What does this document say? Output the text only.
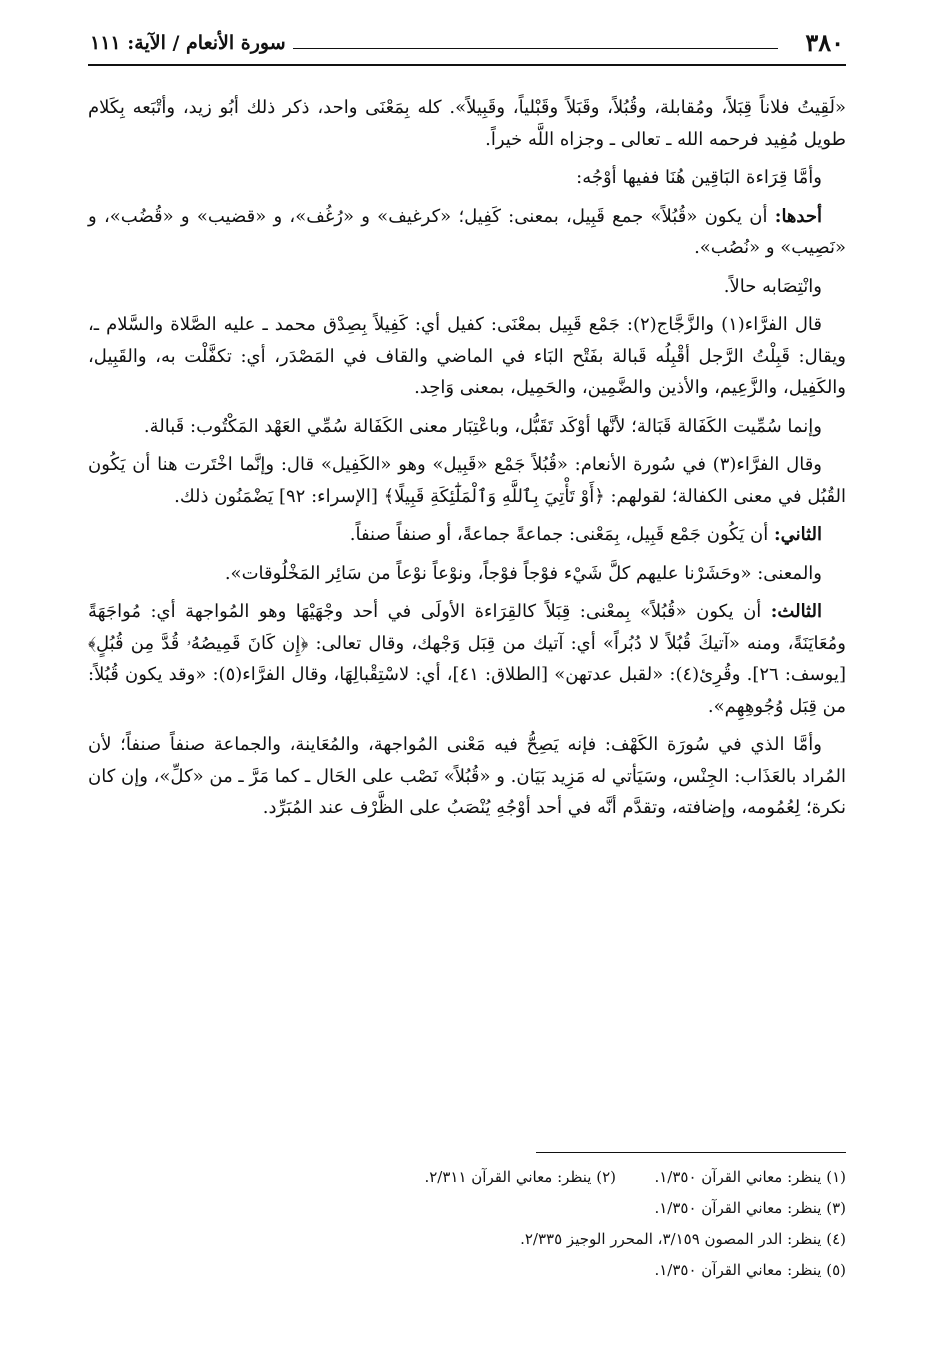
٣٨٠
سورة الأنعام / الآية: ١١١

«لَقِيتُ فلاناً قِبَلاً، ومُقابلة، وقُبُلاً، وقَبَلاً وقَبْلياً، وقَبِيلاً». كله بِمَعْنَى واحد، ذكر ذلك أبُو زيد، وأتْبَعه بِكَلام طويل مُفِيد فرحمه الله ـ تعالى ـ وجزاه اللَّه خيراً.

وأمَّا قِرَاءة البَاقِين هُنَا ففيها أوْجُه:

أحدها: أن يكون «قُبُلاً» جمع قَبِيل، بمعنى: كَفِيل؛ «كرغيف» و «رُغُف»، و «قضيب» و «قُضُب»، و «نَصِيب» و «نُصُب».

وانْتِصَابه حالاً.

قال الفرَّاء(١) والزَّجَّاج(٢): جَمْع قَبِيل بمعْنَى: كفيل أي: كَفِيلاً بِصِدْق محمد ـ عليه الصَّلاة والسَّلام ـ، ويقال: قَبِلْتُ الرَّجل أقْبِلُه قَبالة بفَتْح البَاء في الماضي والقاف في المَصْدَر، أي: تكفَّلْت به، والقَبِيل، والكَفِيل، والزَّعِيم، والأذين والضَّمِين، والحَمِيل، بمعنى وَاحِد.

وإنما سُمِّيت الكَفَالة قَبَالة؛ لأنَّها أوْكَد تَقَبُّل، وباعْتِبَار معنى الكَفَالة سُمِّي العَهْد المَكْتُوب: قَبالة.

وقال الفرَّاء(٣) في سُورة الأنعام: «قُبُلاً جَمْع «قَبِيل» وهو «الكَفِيل» قال: وإنَّما اخْتَرت هنا أن يَكُون القُبُل في معنى الكفالة؛ لقولهم: ﴿أَوْ تَأْتِيَ بِٱللَّهِ وَٱلْمَلَٰٓئِكَةِ قَبِيلًا﴾ [الإسراء: ٩٢] يَضْمَنُون ذلك.

الثاني: أن يَكُون جَمْع قَبِيل، بِمَعْنى: جماعةً جماعةً، أو صنفاً صنفاً.

والمعنى: «وحَشَرْنا عليهم كلَّ شَيْء فوْجاً فوْجاً، ونوْعاً نوْعاً من سَائِر المَخْلُوقات».

الثالث: أن يكون «قُبُلاً» بِمعْنى: قِبَلاً كالقِرَاءة الأولَى في أحد وجْهَيْهَا وهو المُواجهة أي: مُواجَهَةً ومُعَايَنَةً، ومنه «آتيكَ قُبُلاً لا دُبُراً» أي: آتيك من قِبَل وَجْهك، وقال تعالى: ﴿إِن كَانَ قَمِيصُهُۥ قُدَّ مِن قُبُلٍ﴾ [يوسف: ٢٦]. وقُرِئ(٤): «لقبل عدتهن» [الطلاق: ٤١]، أي: لاسْتِقْبالِهَا، وقال الفرَّاء(٥): «وقد يكون قُبُلاً: من قِبَل وُجُوهِهِم».

وأمَّا الذي في سُورَة الكَهْف: فإنه يَصِحُّ فيه مَعْنى المُواجهة، والمُعَاينة، والجماعة صنفاً صنفاً؛ لأن المُراد بالعَذَاب: الجِنْس، وسَيَأتي له مَزِيد بَيَان. و «قُبُلاً» نَصْب على الحَال ـ كما مَرَّ ـ من «كلِّ»، وإن كان نكرة؛ لِعُمُومه، وإضافته، وتقدَّم أنَّه في أحد أوْجُهِ يُنْصَبُ على الظَّرْف عند المُبَرِّد.

(١) ينظر: معاني القرآن ١/٣٥٠.
(٢) ينظر: معاني القرآن ٢/٣١١.
(٣) ينظر: معاني القرآن ١/٣٥٠.
(٤) ينظر: الدر المصون ٣/١٥٩، المحرر الوجيز ٢/٣٣٥.
(٥) ينظر: معاني القرآن ١/٣٥٠.
